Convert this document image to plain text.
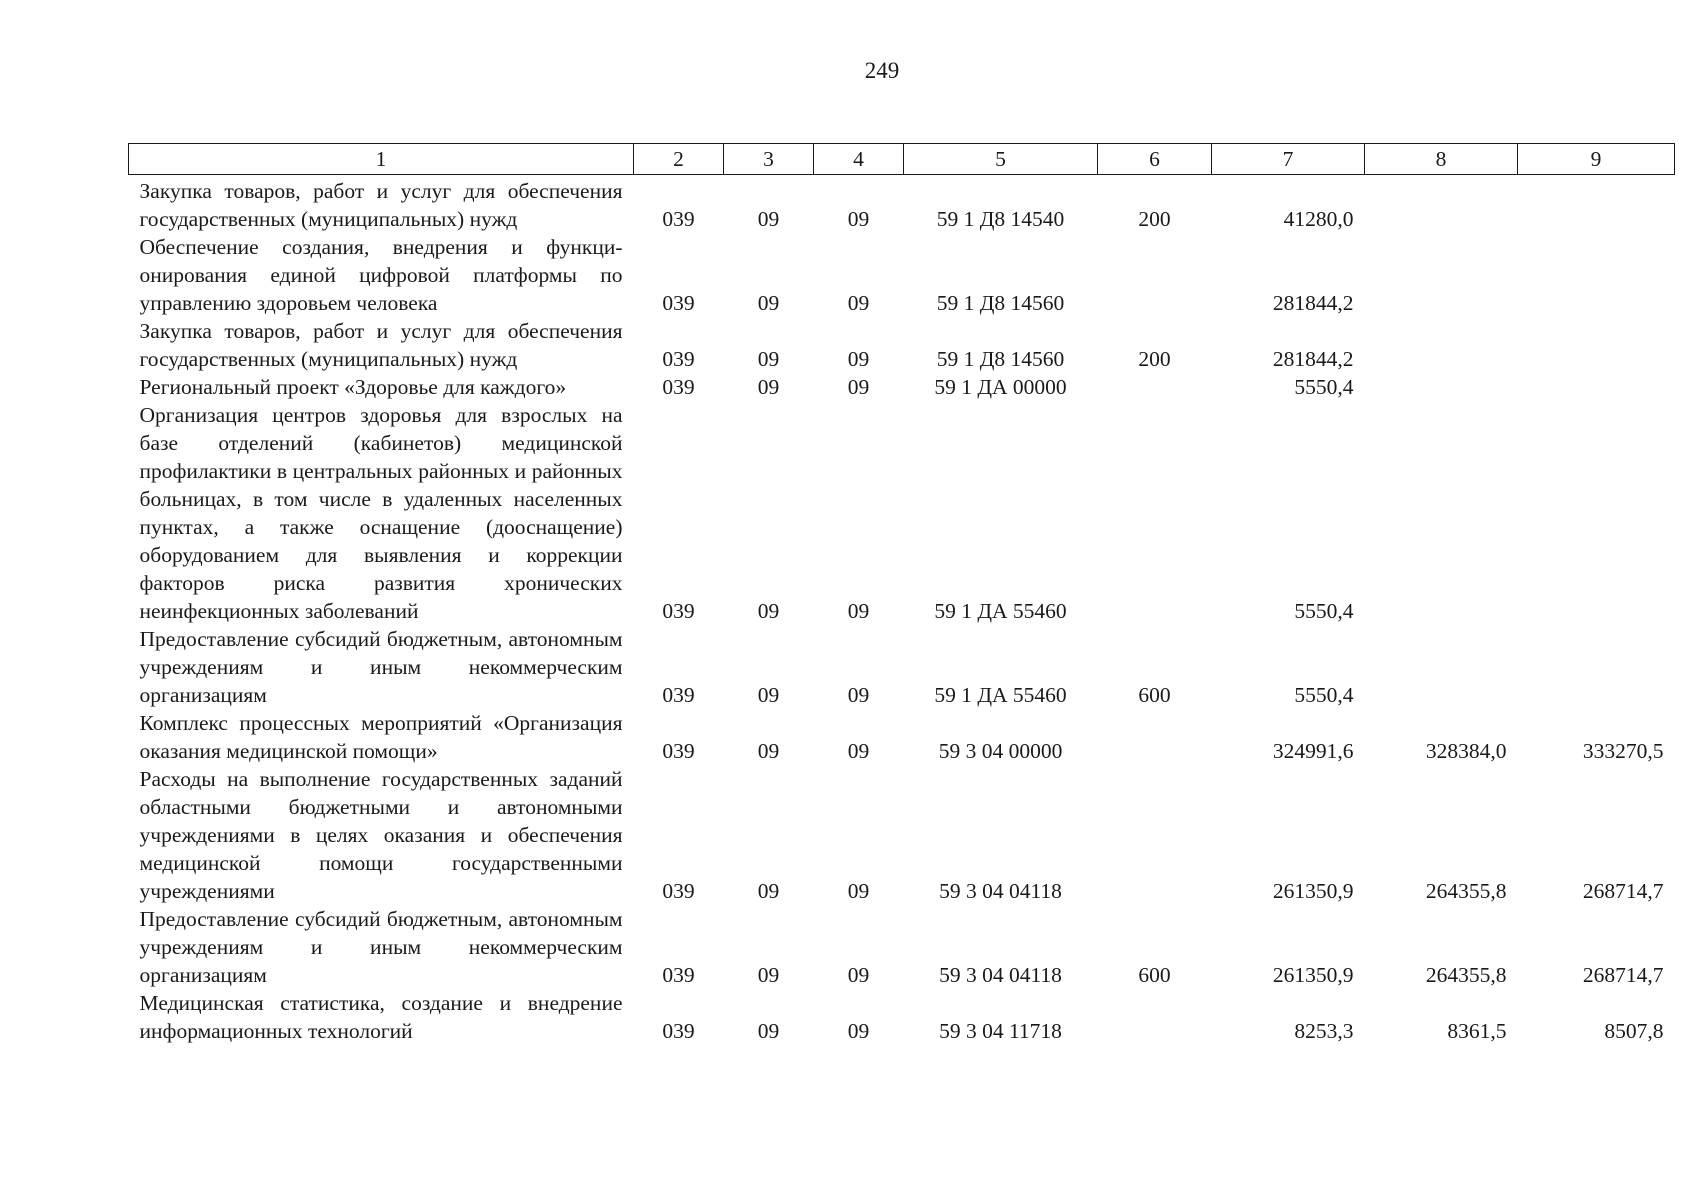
249
1	2	3	4	5	6	7	8	9
Закупка товаров, работ и услуг для обеспечения государственных (муниципальных) нужд	039	09	09	59 1 Д8 14540	200	41280,0		
Обеспечение создания, внедрения и функционирования единой цифровой платформы по управлению здоровьем человека	039	09	09	59 1 Д8 14560		281844,2		
Закупка товаров, работ и услуг для обеспечения государственных (муниципальных) нужд	039	09	09	59 1 Д8 14560	200	281844,2		
Региональный проект «Здоровье для каждого»	039	09	09	59 1 ДА 00000		5550,4		
Организация центров здоровья для взрослых на базе отделений (кабинетов) медицинской профилактики в центральных районных и районных больницах, в том числе в удаленных населенных пунктах, а также оснащение (дооснащение) оборудованием для выявления и коррекции факторов риска развития хронических неинфекционных заболеваний	039	09	09	59 1 ДА 55460		5550,4		
Предоставление субсидий бюджетным, автономным учреждениям и иным некоммерческим организациям	039	09	09	59 1 ДА 55460	600	5550,4		
Комплекс процессных мероприятий «Организация оказания медицинской помощи»	039	09	09	59 3 04 00000		324991,6	328384,0	333270,5
Расходы на выполнение государственных заданий областными бюджетными и автономными учреждениями в целях оказания и обеспечения медицинской помощи государственными учреждениями	039	09	09	59 3 04 04118		261350,9	264355,8	268714,7
Предоставление субсидий бюджетным, автономным учреждениям и иным некоммерческим организациям	039	09	09	59 3 04 04118	600	261350,9	264355,8	268714,7
Медицинская статистика, создание и внедрение информационных технологий	039	09	09	59 3 04 11718		8253,3	8361,5	8507,8
